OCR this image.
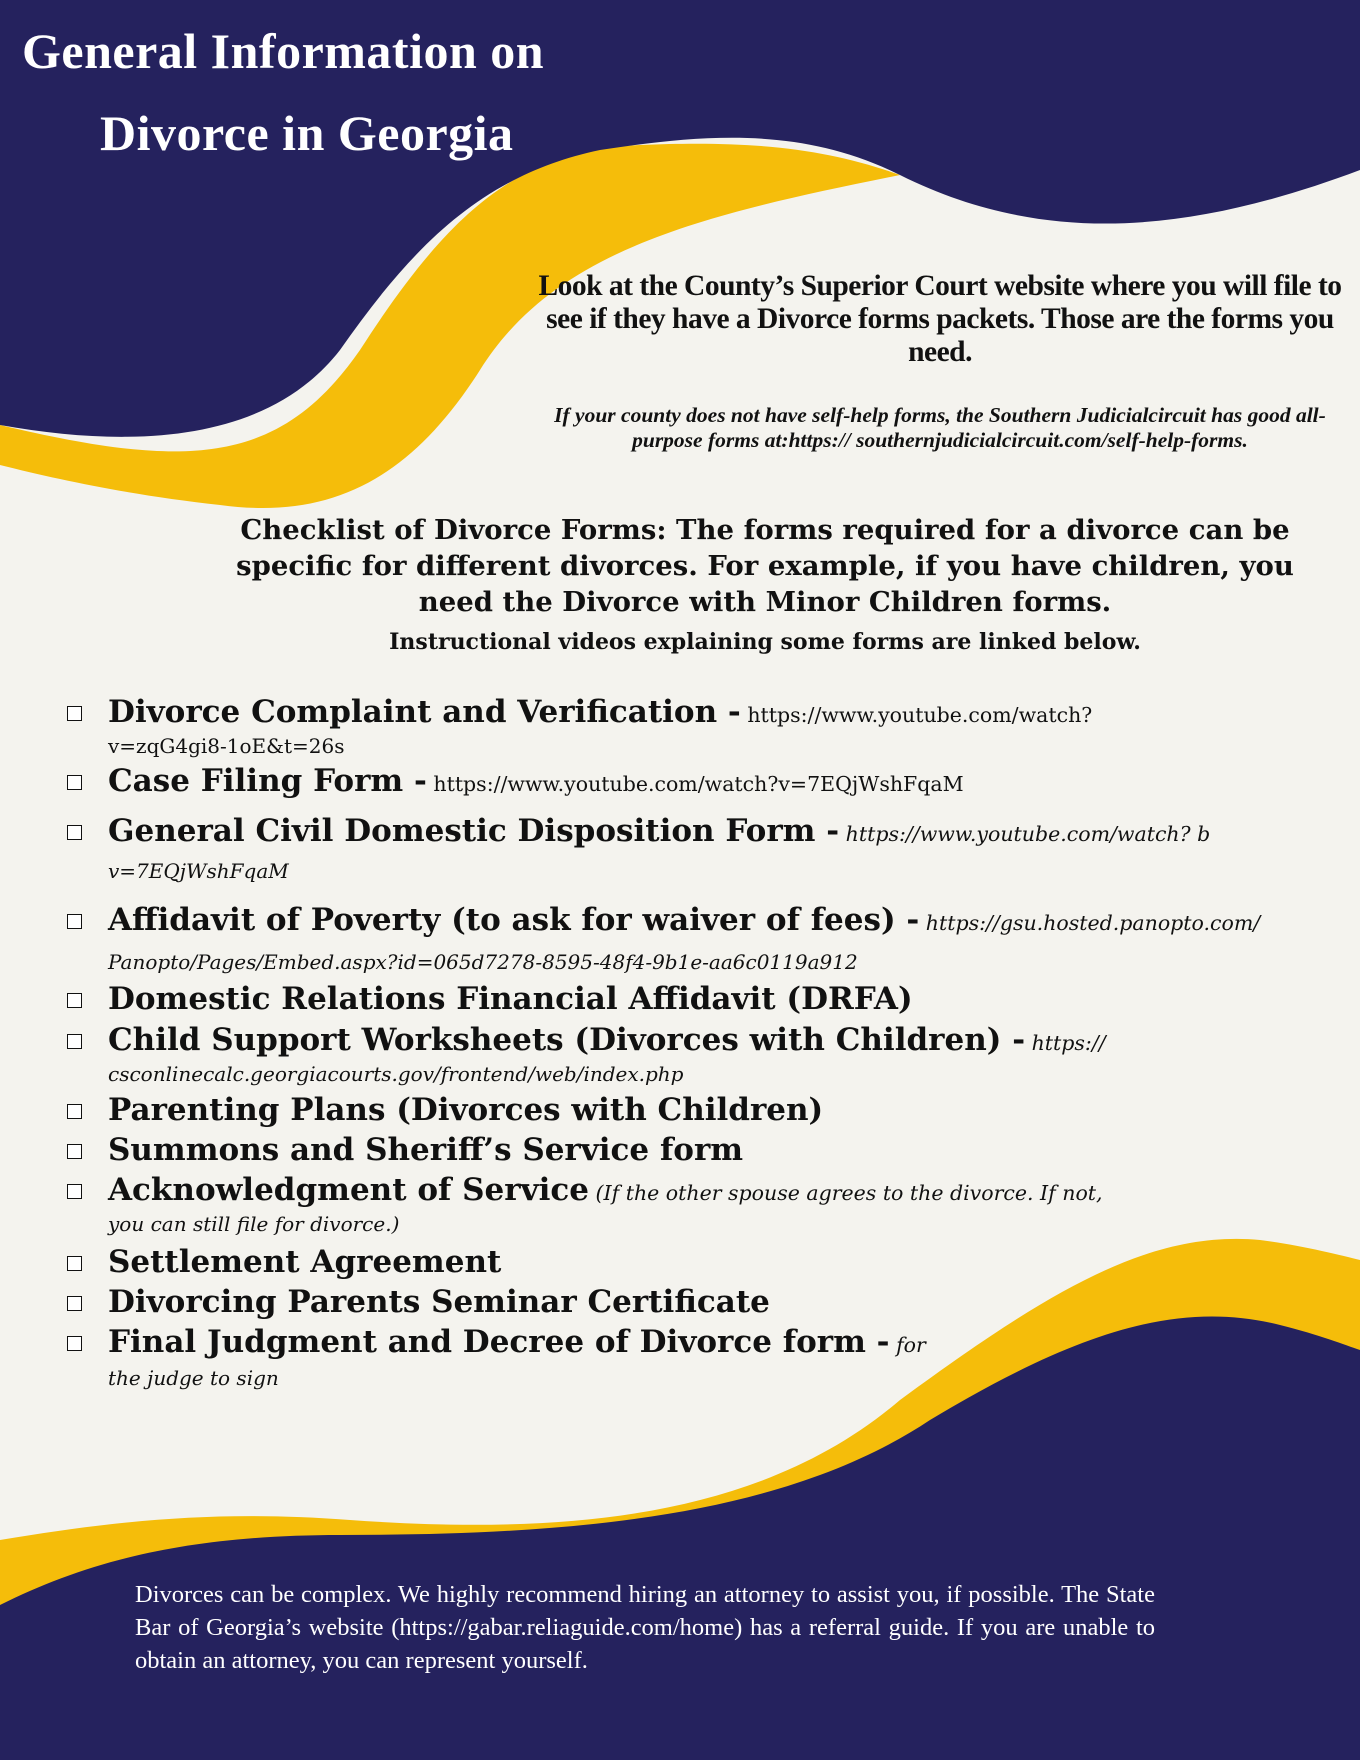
General Information on
Divorce in Georgia
Look at the County’s Superior Court website where you will file to see if they have a Divorce forms packets. Those are the forms you need.
If your county does not have self-help forms, the Southern Judicialcircuit has good all-purpose forms at:https:// southernjudicialcircuit.com/self-help-forms.
Checklist of Divorce Forms: The forms required for a divorce can be specific for different divorces. For example, if you have children, you need the Divorce with Minor Children forms.
Instructional videos explaining some forms are linked below.
Divorce Complaint and Verification - https://www.youtube.com/watch?
v=zqG4gi8-1oE&t=26s
Case Filing Form - https://www.youtube.com/watch?v=7EQjWshFqaM
General Civil Domestic Disposition Form - https://www.youtube.com/watch? b
v=7EQjWshFqaM
Affidavit of Poverty (to ask for waiver of fees) - https://gsu.hosted.panopto.com/
Panopto/Pages/Embed.aspx?id=065d7278-8595-48f4-9b1e-aa6c0119a912
Domestic Relations Financial Affidavit (DRFA)
Child Support Worksheets (Divorces with Children) - https://
csconlinecalc.georgiacourts.gov/frontend/web/index.php
Parenting Plans (Divorces with Children)
Summons and Sheriff’s Service form
Acknowledgment of Service (If the other spouse agrees to the divorce. If not,
you can still file for divorce.)
Settlement Agreement
Divorcing Parents Seminar Certificate
Final Judgment and Decree of Divorce form - for
the judge to sign
Divorces can be complex. We highly recommend hiring an attorney to assist you, if possible. The State Bar of Georgia’s website (https://gabar.reliaguide.com/home) has a referral guide. If you are unable to obtain an attorney, you can represent yourself.
